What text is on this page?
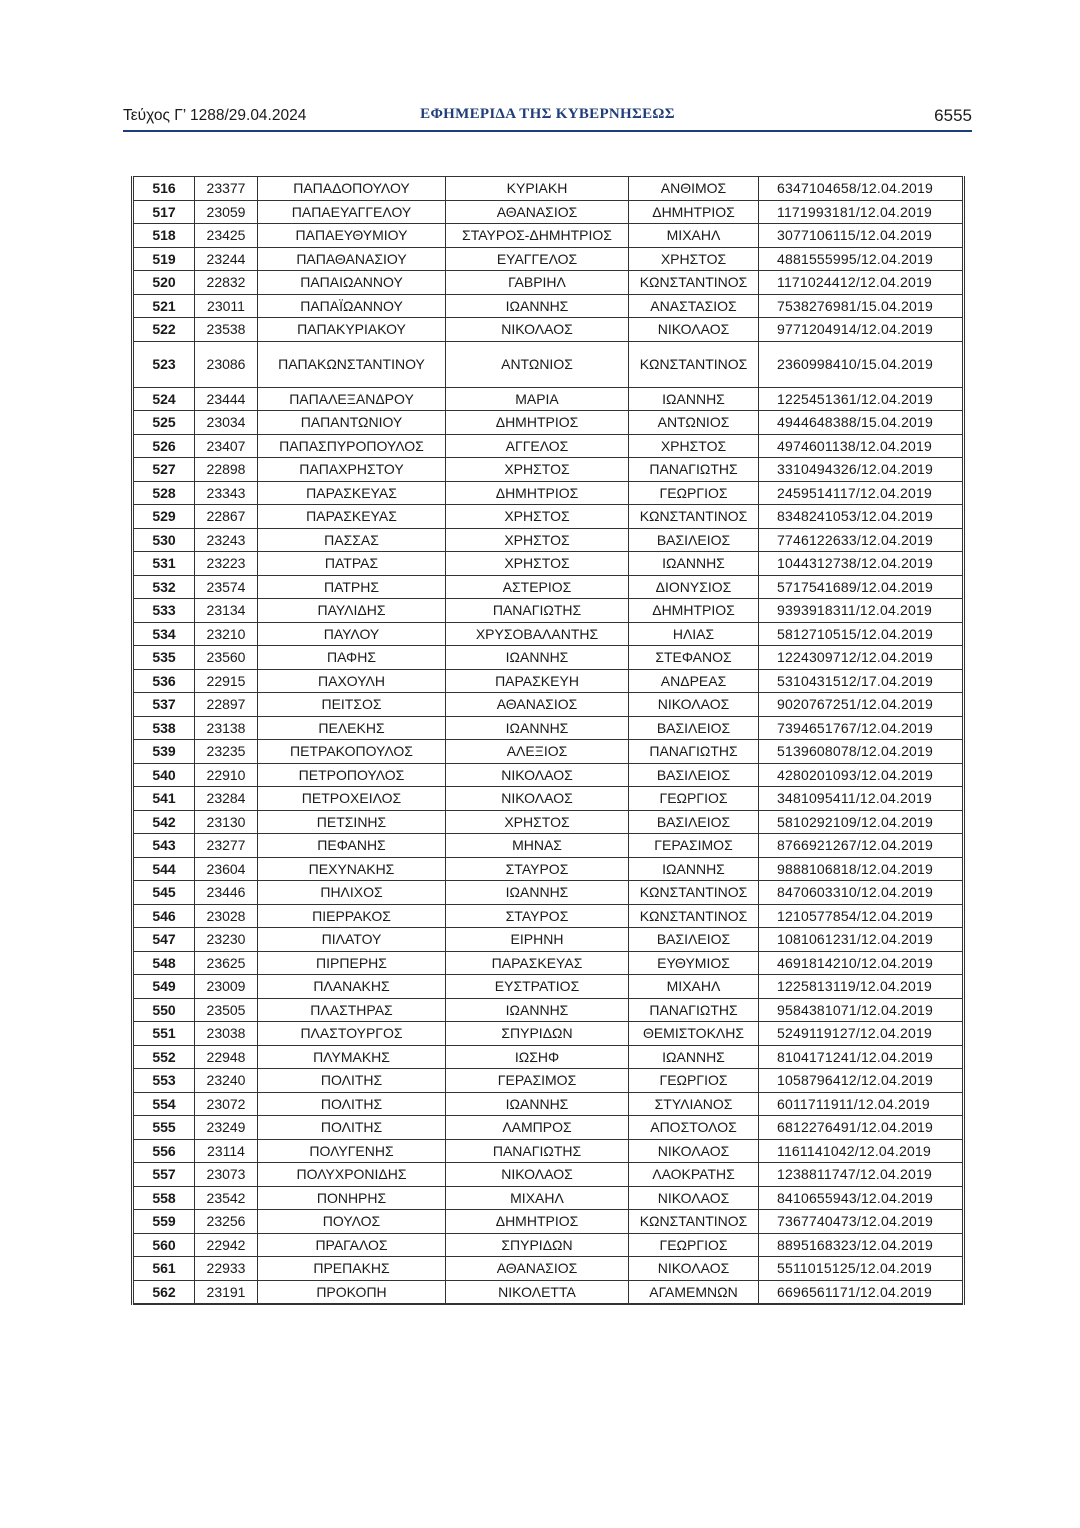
Τεύχος Γ’ 1288/29.04.2024	ΕΦΗΜΕΡΙΔΑ ΤΗΣ ΚΥΒΕΡΝΗΣΕΩΣ	6555
516	23377	ΠΑΠΑΔΟΠΟΥΛΟΥ	ΚΥΡΙΑΚΗ	ΑΝΘΙΜΟΣ	6347104658/12.04.2019
517	23059	ΠΑΠΑΕΥΑΓΓΕΛΟΥ	ΑΘΑΝΑΣΙΟΣ	ΔΗΜΗΤΡΙΟΣ	1171993181/12.04.2019
518	23425	ΠΑΠΑΕΥΘΥΜΙΟΥ	ΣΤΑΥΡΟΣ-ΔΗΜΗΤΡΙΟΣ	ΜΙΧΑΗΛ	3077106115/12.04.2019
519	23244	ΠΑΠΑΘΑΝΑΣΙΟΥ	ΕΥΑΓΓΕΛΟΣ	ΧΡΗΣΤΟΣ	4881555995/12.04.2019
520	22832	ΠΑΠΑΙΩΑΝΝΟΥ	ΓΑΒΡΙΗΛ	ΚΩΝΣΤΑΝΤΙΝΟΣ	1171024412/12.04.2019
521	23011	ΠΑΠΑΪΩΑΝΝΟΥ	ΙΩΑΝΝΗΣ	ΑΝΑΣΤΑΣΙΟΣ	7538276981/15.04.2019
522	23538	ΠΑΠΑΚΥΡΙΑΚΟΥ	ΝΙΚΟΛΑΟΣ	ΝΙΚΟΛΑΟΣ	9771204914/12.04.2019
523	23086	ΠΑΠΑΚΩΝΣΤΑΝΤΙΝΟΥ	ΑΝΤΩΝΙΟΣ	ΚΩΝΣΤΑΝΤΙΝΟΣ	2360998410/15.04.2019
524	23444	ΠΑΠΑΛΕΞΑΝΔΡΟΥ	ΜΑΡΙΑ	ΙΩΑΝΝΗΣ	1225451361/12.04.2019
525	23034	ΠΑΠΑΝΤΩΝΙΟΥ	ΔΗΜΗΤΡΙΟΣ	ΑΝΤΩΝΙΟΣ	4944648388/15.04.2019
526	23407	ΠΑΠΑΣΠΥΡΟΠΟΥΛΟΣ	ΑΓΓΕΛΟΣ	ΧΡΗΣΤΟΣ	4974601138/12.04.2019
527	22898	ΠΑΠΑΧΡΗΣΤΟΥ	ΧΡΗΣΤΟΣ	ΠΑΝΑΓΙΩΤΗΣ	3310494326/12.04.2019
528	23343	ΠΑΡΑΣΚΕΥΑΣ	ΔΗΜΗΤΡΙΟΣ	ΓΕΩΡΓΙΟΣ	2459514117/12.04.2019
529	22867	ΠΑΡΑΣΚΕΥΑΣ	ΧΡΗΣΤΟΣ	ΚΩΝΣΤΑΝΤΙΝΟΣ	8348241053/12.04.2019
530	23243	ΠΑΣΣΑΣ	ΧΡΗΣΤΟΣ	ΒΑΣΙΛΕΙΟΣ	7746122633/12.04.2019
531	23223	ΠΑΤΡΑΣ	ΧΡΗΣΤΟΣ	ΙΩΑΝΝΗΣ	1044312738/12.04.2019
532	23574	ΠΑΤΡΗΣ	ΑΣΤΕΡΙΟΣ	ΔΙΟΝΥΣΙΟΣ	5717541689/12.04.2019
533	23134	ΠΑΥΛΙΔΗΣ	ΠΑΝΑΓΙΩΤΗΣ	ΔΗΜΗΤΡΙΟΣ	9393918311/12.04.2019
534	23210	ΠΑΥΛΟΥ	ΧΡΥΣΟΒΑΛΑΝΤΗΣ	ΗΛΙΑΣ	5812710515/12.04.2019
535	23560	ΠΑΦΗΣ	ΙΩΑΝΝΗΣ	ΣΤΕΦΑΝΟΣ	1224309712/12.04.2019
536	22915	ΠΑΧΟΥΛΗ	ΠΑΡΑΣΚΕΥΗ	ΑΝΔΡΕΑΣ	5310431512/17.04.2019
537	22897	ΠΕΙΤΣΟΣ	ΑΘΑΝΑΣΙΟΣ	ΝΙΚΟΛΑΟΣ	9020767251/12.04.2019
538	23138	ΠΕΛΕΚΗΣ	ΙΩΑΝΝΗΣ	ΒΑΣΙΛΕΙΟΣ	7394651767/12.04.2019
539	23235	ΠΕΤΡΑΚΟΠΟΥΛΟΣ	ΑΛΕΞΙΟΣ	ΠΑΝΑΓΙΩΤΗΣ	5139608078/12.04.2019
540	22910	ΠΕΤΡΟΠΟΥΛΟΣ	ΝΙΚΟΛΑΟΣ	ΒΑΣΙΛΕΙΟΣ	4280201093/12.04.2019
541	23284	ΠΕΤΡΟΧΕΙΛΟΣ	ΝΙΚΟΛΑΟΣ	ΓΕΩΡΓΙΟΣ	3481095411/12.04.2019
542	23130	ΠΕΤΣΙΝΗΣ	ΧΡΗΣΤΟΣ	ΒΑΣΙΛΕΙΟΣ	5810292109/12.04.2019
543	23277	ΠΕΦΑΝΗΣ	ΜΗΝΑΣ	ΓΕΡΑΣΙΜΟΣ	8766921267/12.04.2019
544	23604	ΠΕΧΥΝΑΚΗΣ	ΣΤΑΥΡΟΣ	ΙΩΑΝΝΗΣ	9888106818/12.04.2019
545	23446	ΠΗΛΙΧΟΣ	ΙΩΑΝΝΗΣ	ΚΩΝΣΤΑΝΤΙΝΟΣ	8470603310/12.04.2019
546	23028	ΠΙΕΡΡΑΚΟΣ	ΣΤΑΥΡΟΣ	ΚΩΝΣΤΑΝΤΙΝΟΣ	1210577854/12.04.2019
547	23230	ΠΙΛΑΤΟΥ	ΕΙΡΗΝΗ	ΒΑΣΙΛΕΙΟΣ	1081061231/12.04.2019
548	23625	ΠΙΡΠΕΡΗΣ	ΠΑΡΑΣΚΕΥΑΣ	ΕΥΘΥΜΙΟΣ	4691814210/12.04.2019
549	23009	ΠΛΑΝΑΚΗΣ	ΕΥΣΤΡΑΤΙΟΣ	ΜΙΧΑΗΛ	1225813119/12.04.2019
550	23505	ΠΛΑΣΤΗΡΑΣ	ΙΩΑΝΝΗΣ	ΠΑΝΑΓΙΩΤΗΣ	9584381071/12.04.2019
551	23038	ΠΛΑΣΤΟΥΡΓΟΣ	ΣΠΥΡΙΔΩΝ	ΘΕΜΙΣΤΟΚΛΗΣ	5249119127/12.04.2019
552	22948	ΠΛΥΜΑΚΗΣ	ΙΩΣΗΦ	ΙΩΑΝΝΗΣ	8104171241/12.04.2019
553	23240	ΠΟΛΙΤΗΣ	ΓΕΡΑΣΙΜΟΣ	ΓΕΩΡΓΙΟΣ	1058796412/12.04.2019
554	23072	ΠΟΛΙΤΗΣ	ΙΩΑΝΝΗΣ	ΣΤΥΛΙΑΝΟΣ	6011711911/12.04.2019
555	23249	ΠΟΛΙΤΗΣ	ΛΑΜΠΡΟΣ	ΑΠΟΣΤΟΛΟΣ	6812276491/12.04.2019
556	23114	ΠΟΛΥΓΕΝΗΣ	ΠΑΝΑΓΙΩΤΗΣ	ΝΙΚΟΛΑΟΣ	1161141042/12.04.2019
557	23073	ΠΟΛΥΧΡΟΝΙΔΗΣ	ΝΙΚΟΛΑΟΣ	ΛΑΟΚΡΑΤΗΣ	1238811747/12.04.2019
558	23542	ΠΟΝΗΡΗΣ	ΜΙΧΑΗΛ	ΝΙΚΟΛΑΟΣ	8410655943/12.04.2019
559	23256	ΠΟΥΛΟΣ	ΔΗΜΗΤΡΙΟΣ	ΚΩΝΣΤΑΝΤΙΝΟΣ	7367740473/12.04.2019
560	22942	ΠΡΑΓΑΛΟΣ	ΣΠΥΡΙΔΩΝ	ΓΕΩΡΓΙΟΣ	8895168323/12.04.2019
561	22933	ΠΡΕΠΑΚΗΣ	ΑΘΑΝΑΣΙΟΣ	ΝΙΚΟΛΑΟΣ	5511015125/12.04.2019
562	23191	ΠΡΟΚΟΠΗ	ΝΙΚΟΛΕΤΤΑ	ΑΓΑΜΕΜΝΩΝ	6696561171/12.04.2019
